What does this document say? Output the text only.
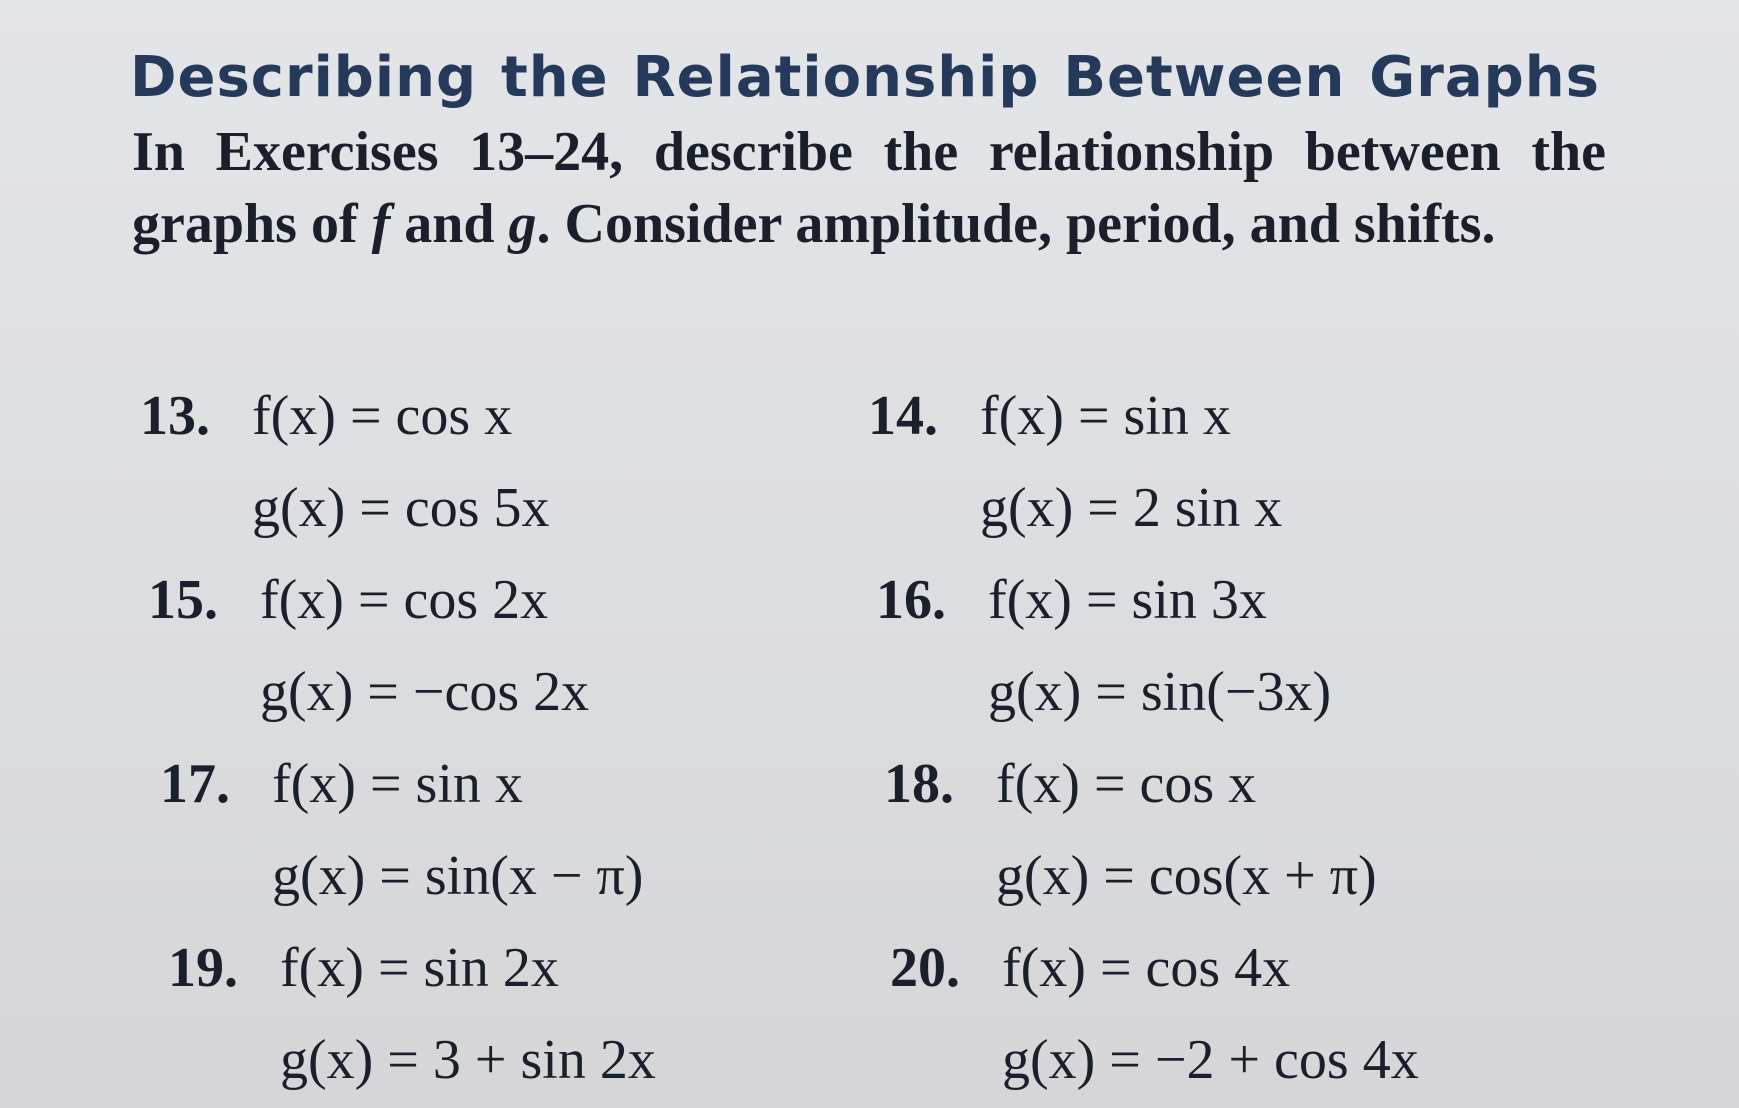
Describing the Relationship Between Graphs
In Exercises 13–24, describe the relationship between the graphs of f and g. Consider amplitude, period, and shifts.
13. f(x) = cos x
g(x) = cos 5x
15. f(x) = cos 2x
g(x) = −cos 2x
17. f(x) = sin x
g(x) = sin(x − π)
19. f(x) = sin 2x
g(x) = 3 + sin 2x
14. f(x) = sin x
g(x) = 2 sin x
16. f(x) = sin 3x
g(x) = sin(−3x)
18. f(x) = cos x
g(x) = cos(x + π)
20. f(x) = cos 4x
g(x) = −2 + cos 4x
